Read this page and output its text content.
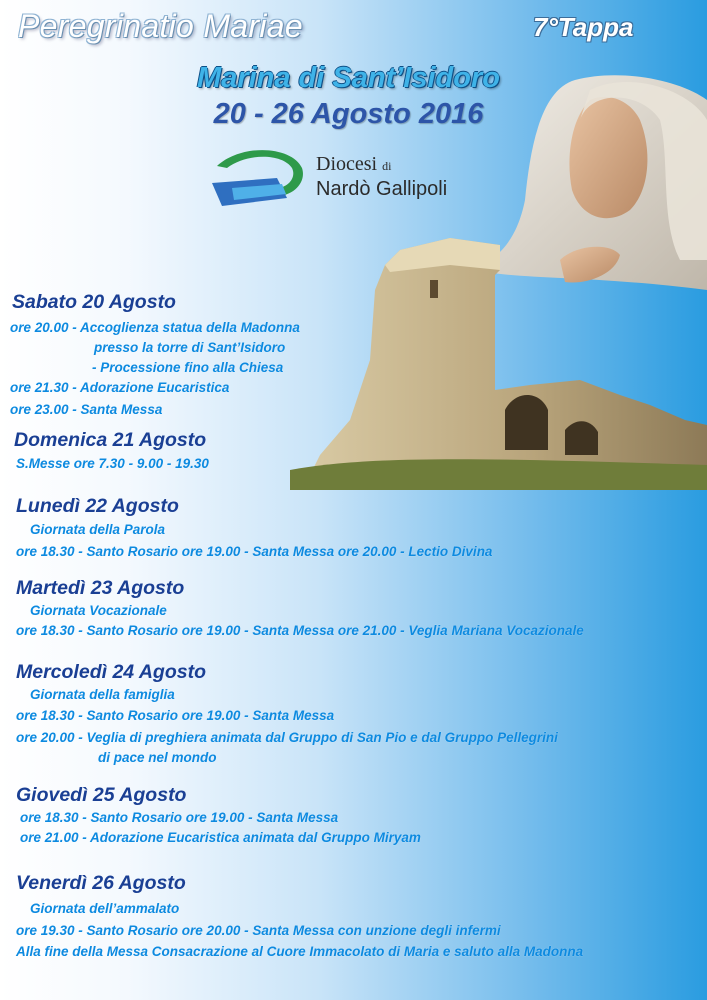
Peregrinatio Mariae	7°Tappa
Marina di Sant’Isidoro
20 - 26 Agosto 2016
Diocesi di
Nardò Gallipoli
Sabato 20 Agosto
ore 20.00 - Accoglienza statua della Madonna
presso la torre di Sant’Isidoro
- Processione fino alla Chiesa
ore 21.30 - Adorazione Eucaristica
ore 23.00 - Santa Messa
Domenica 21 Agosto
S.Messe ore 7.30 - 9.00 - 19.30
Lunedì 22 Agosto
Giornata della Parola
ore 18.30 - Santo Rosario ore 19.00 - Santa Messa ore 20.00 - Lectio Divina
Martedì 23 Agosto
Giornata Vocazionale
ore 18.30 - Santo Rosario ore 19.00 - Santa Messa ore 21.00 - Veglia Mariana Vocazionale
Mercoledì 24 Agosto
Giornata della famiglia
ore 18.30 - Santo Rosario ore 19.00 - Santa Messa
ore 20.00 - Veglia di preghiera animata dal Gruppo di San Pio e dal Gruppo Pellegrini
di pace nel mondo
Giovedì 25 Agosto
ore 18.30 - Santo Rosario ore 19.00 - Santa Messa
ore 21.00 - Adorazione Eucaristica animata dal Gruppo Miryam
Venerdì 26 Agosto
Giornata dell’ammalato
ore 19.30 - Santo Rosario ore 20.00 - Santa Messa con unzione degli infermi
Alla fine della Messa Consacrazione al Cuore Immacolato di Maria e saluto alla Madonna
